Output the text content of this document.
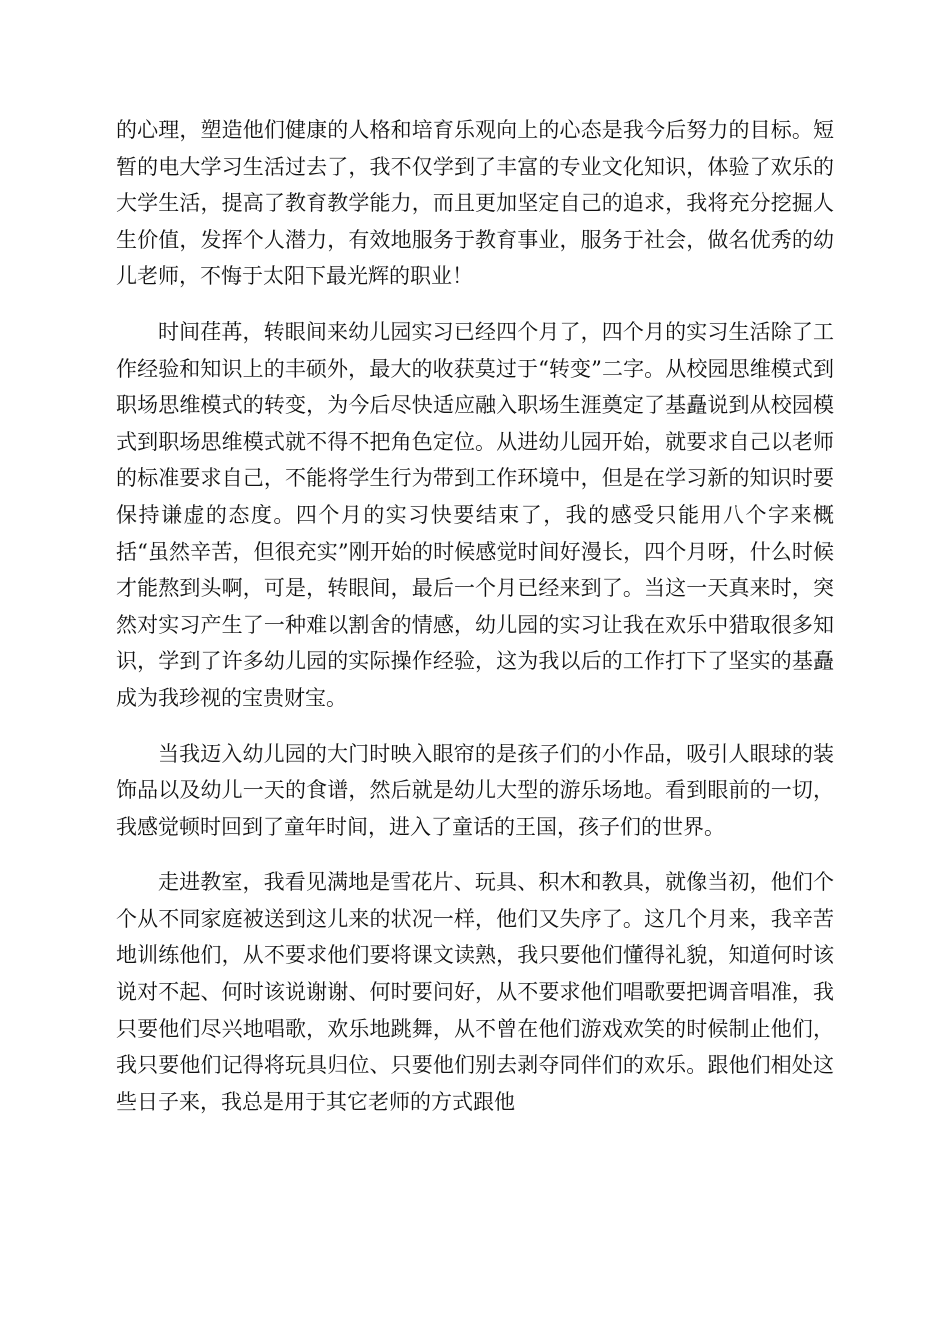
的心理，塑造他们健康的人格和培育乐观向上的心态是我今后努力的目标。短暂的电大学习生活过去了，我不仅学到了丰富的专业文化知识，体验了欢乐的大学生活，提高了教育教学能力，而且更加坚定自己的追求，我将充分挖掘人生价值，发挥个人潜力，有效地服务于教育事业，服务于社会，做名优秀的幼儿老师，不悔于太阳下最光辉的职业！

时间荏苒，转眼间来幼儿园实习已经四个月了，四个月的实习生活除了工作经验和知识上的丰硕外，最大的收获莫过于“转变”二字。从校园思维模式到职场思维模式的转变，为今后尽快适应融入职场生涯奠定了基矗说到从校园模式到职场思维模式就不得不把角色定位。从进幼儿园开始，就要求自己以老师的标准要求自己，不能将学生行为带到工作环境中，但是在学习新的知识时要保持谦虚的态度。四个月的实习快要结束了，我的感受只能用八个字来概括“虽然辛苦，但很充实”刚开始的时候感觉时间好漫长，四个月呀，什么时候才能熬到头啊，可是，转眼间，最后一个月已经来到了。当这一天真来时，突然对实习产生了一种难以割舍的情感，幼儿园的实习让我在欢乐中猎取很多知识，学到了许多幼儿园的实际操作经验，这为我以后的工作打下了坚实的基矗成为我珍视的宝贵财宝。

当我迈入幼儿园的大门时映入眼帘的是孩子们的小作品，吸引人眼球的装饰品以及幼儿一天的食谱，然后就是幼儿大型的游乐场地。看到眼前的一切，我感觉顿时回到了童年时间，进入了童话的王国，孩子们的世界。

走进教室，我看见满地是雪花片、玩具、积木和教具，就像当初，他们个个从不同家庭被送到这儿来的状况一样，他们又失序了。这几个月来，我辛苦地训练他们，从不要求他们要将课文读熟，我只要他们懂得礼貌，知道何时该说对不起、何时该说谢谢、何时要问好，从不要求他们唱歌要把调音唱准，我只要他们尽兴地唱歌，欢乐地跳舞，从不曾在他们游戏欢笑的时候制止他们，我只要他们记得将玩具归位、只要他们别去剥夺同伴们的欢乐。跟他们相处这些日子来，我总是用于其它老师的方式跟他
